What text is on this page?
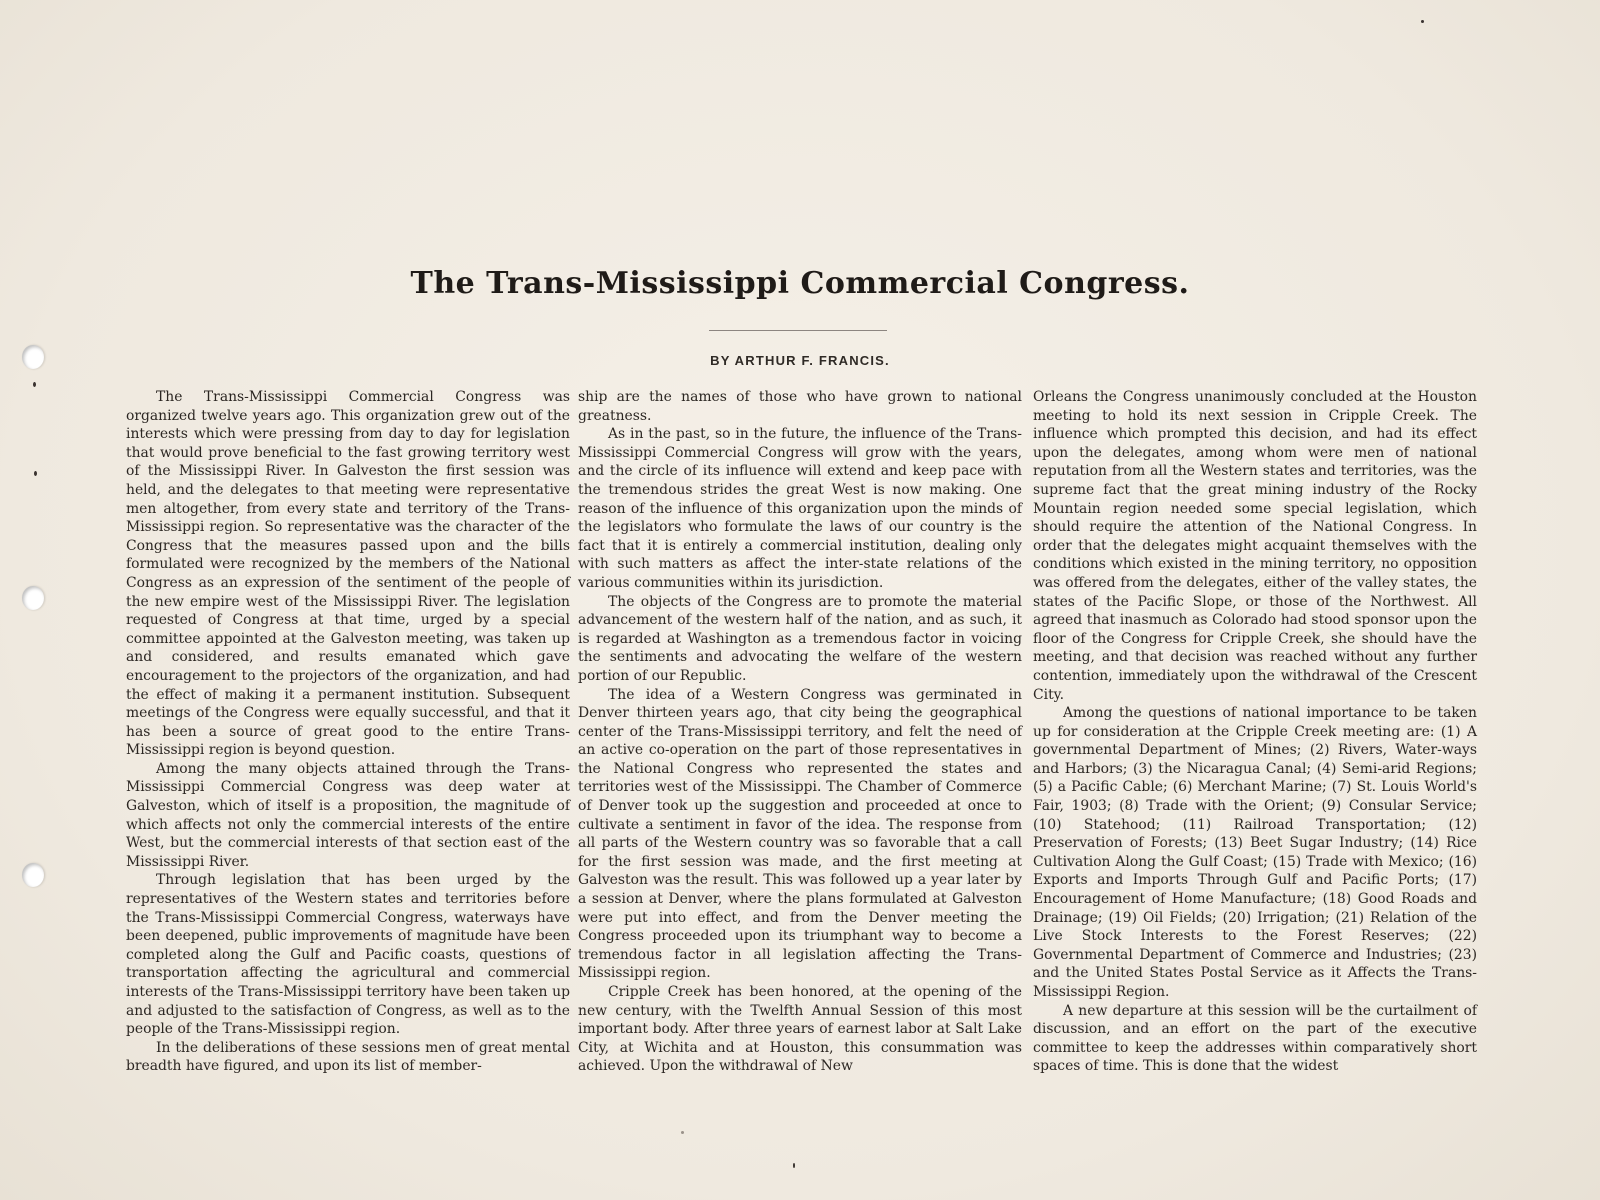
The Trans-Mississippi Commercial Congress.
BY ARTHUR F. FRANCIS.

The Trans-Mississippi Commercial Congress was organized twelve years ago. This organization grew out of the interests which were pressing from day to day for legislation that would prove beneficial to the fast growing territory west of the Mississippi River. In Galveston the first session was held, and the delegates to that meeting were representative men altogether, from every state and territory of the Trans-Mississippi region. So representative was the character of the Congress that the measures passed upon and the bills formulated were recognized by the members of the National Congress as an expression of the sentiment of the people of the new empire west of the Mississippi River. The legislation requested of Congress at that time, urged by a special committee appointed at the Galveston meeting, was taken up and considered, and results emanated which gave encouragement to the projectors of the organization, and had the effect of making it a permanent institution. Subsequent meetings of the Congress were equally successful, and that it has been a source of great good to the entire Trans-Mississippi region is beyond question.

Among the many objects attained through the Trans-Mississippi Commercial Congress was deep water at Galveston, which of itself is a proposition, the magnitude of which affects not only the commercial interests of the entire West, but the commercial interests of that section east of the Mississippi River.

Through legislation that has been urged by the representatives of the Western states and territories before the Trans-Mississippi Commercial Congress, waterways have been deepened, public improvements of magnitude have been completed along the Gulf and Pacific coasts, questions of transportation affecting the agricultural and commercial interests of the Trans-Mississippi territory have been taken up and adjusted to the satisfaction of Congress, as well as to the people of the Trans-Mississippi region.

In the deliberations of these sessions men of great mental breadth have figured, and upon its list of member-

ship are the names of those who have grown to national greatness.

As in the past, so in the future, the influence of the Trans-Mississippi Commercial Congress will grow with the years, and the circle of its influence will extend and keep pace with the tremendous strides the great West is now making. One reason of the influence of this organization upon the minds of the legislators who formulate the laws of our country is the fact that it is entirely a commercial institution, dealing only with such matters as affect the inter-state relations of the various communities within its jurisdiction.

The objects of the Congress are to promote the material advancement of the western half of the nation, and as such, it is regarded at Washington as a tremendous factor in voicing the sentiments and advocating the welfare of the western portion of our Republic.

The idea of a Western Congress was germinated in Denver thirteen years ago, that city being the geographical center of the Trans-Mississippi territory, and felt the need of an active co-operation on the part of those representatives in the National Congress who represented the states and territories west of the Mississippi. The Chamber of Commerce of Denver took up the suggestion and proceeded at once to cultivate a sentiment in favor of the idea. The response from all parts of the Western country was so favorable that a call for the first session was made, and the first meeting at Galveston was the result. This was followed up a year later by a session at Denver, where the plans formulated at Galveston were put into effect, and from the Denver meeting the Congress proceeded upon its triumphant way to become a tremendous factor in all legislation affecting the Trans-Mississippi region.

Cripple Creek has been honored, at the opening of the new century, with the Twelfth Annual Session of this most important body. After three years of earnest labor at Salt Lake City, at Wichita and at Houston, this consummation was achieved. Upon the withdrawal of New

Orleans the Congress unanimously concluded at the Houston meeting to hold its next session in Cripple Creek. The influence which prompted this decision, and had its effect upon the delegates, among whom were men of national reputation from all the Western states and territories, was the supreme fact that the great mining industry of the Rocky Mountain region needed some special legislation, which should require the attention of the National Congress. In order that the delegates might acquaint themselves with the conditions which existed in the mining territory, no opposition was offered from the delegates, either of the valley states, the states of the Pacific Slope, or those of the Northwest. All agreed that inasmuch as Colorado had stood sponsor upon the floor of the Congress for Cripple Creek, she should have the meeting, and that decision was reached without any further contention, immediately upon the withdrawal of the Crescent City.

Among the questions of national importance to be taken up for consideration at the Cripple Creek meeting are: (1) A governmental Department of Mines; (2) Rivers, Water-ways and Harbors; (3) the Nicaragua Canal; (4) Semi-arid Regions; (5) a Pacific Cable; (6) Merchant Marine; (7) St. Louis World's Fair, 1903; (8) Trade with the Orient; (9) Consular Service; (10) Statehood; (11) Railroad Transportation; (12) Preservation of Forests; (13) Beet Sugar Industry; (14) Rice Cultivation Along the Gulf Coast; (15) Trade with Mexico; (16) Exports and Imports Through Gulf and Pacific Ports; (17) Encouragement of Home Manufacture; (18) Good Roads and Drainage; (19) Oil Fields; (20) Irrigation; (21) Relation of the Live Stock Interests to the Forest Reserves; (22) Governmental Department of Commerce and Industries; (23) and the United States Postal Service as it Affects the Trans-Mississippi Region.

A new departure at this session will be the curtailment of discussion, and an effort on the part of the executive committee to keep the addresses within comparatively short spaces of time. This is done that the widest
